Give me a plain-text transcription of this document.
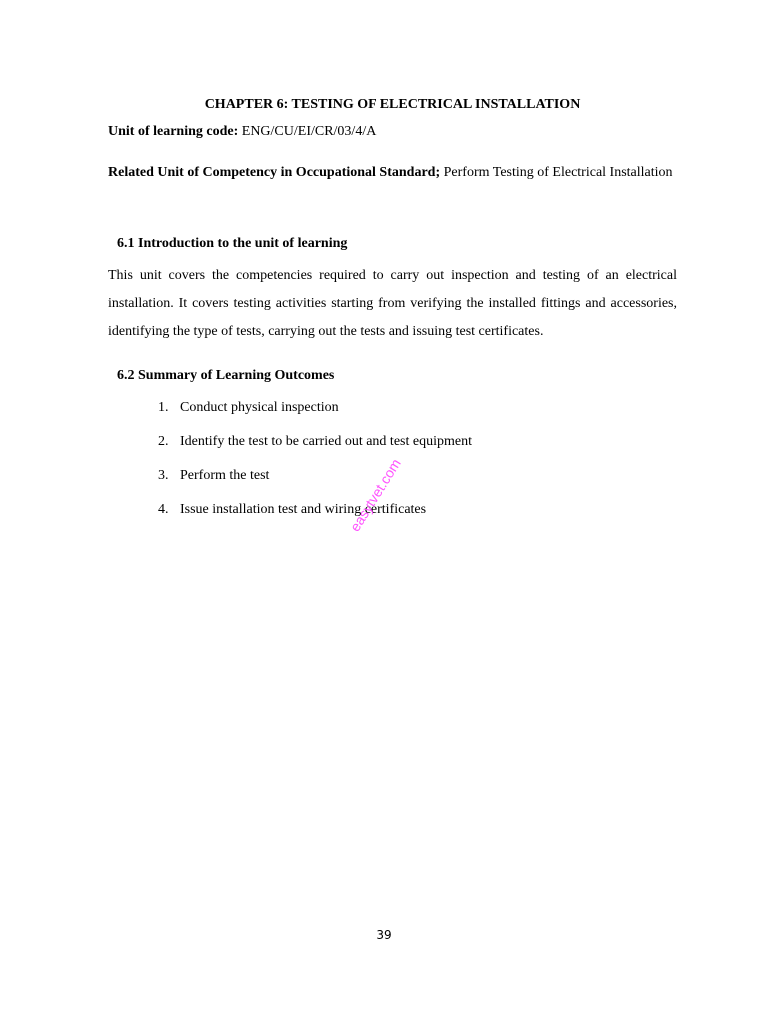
CHAPTER 6: TESTING OF ELECTRICAL INSTALLATION
Unit of learning code: ENG/CU/EI/CR/03/4/A
Related Unit of Competency in Occupational Standard; Perform Testing of Electrical Installation
6.1 Introduction to the unit of learning
This unit covers the competencies required to carry out inspection and testing of an electrical installation. It covers testing activities starting from verifying the installed fittings and accessories, identifying the type of tests, carrying out the tests and issuing test certificates.
6.2 Summary of Learning Outcomes
1. Conduct physical inspection
2. Identify the test to be carried out and test equipment
3. Perform the test
4. Issue installation test and wiring certificates
easytvet.com
39
